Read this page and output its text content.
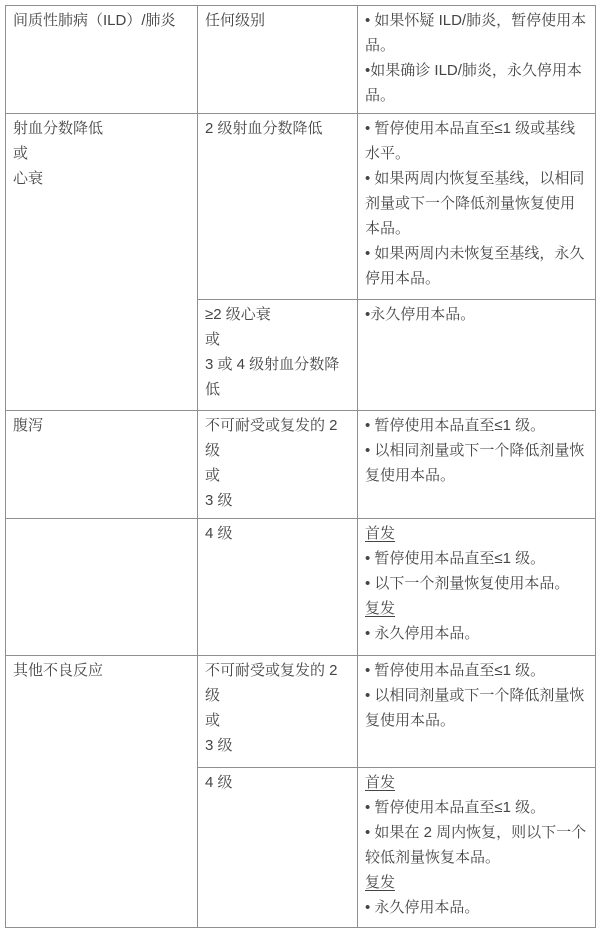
间质性肺病（ILD）/肺炎	任何级别	• 如果怀疑 ILD/肺炎，暂停使用本品。
•如果确诊 ILD/肺炎，永久停用本品。

射血分数降低
或
心衰	2 级射血分数降低	• 暂停使用本品直至≤1 级或基线水平。
• 如果两周内恢复至基线，以相同剂量或下一个降低剂量恢复使用本品。
• 如果两周内未恢复至基线，永久停用本品。

	≥2 级心衰
或
3 或 4 级射血分数降低	•永久停用本品。

腹泻	不可耐受或复发的 2 级
或
3 级	• 暂停使用本品直至≤1 级。
• 以相同剂量或下一个降低剂量恢复使用本品。

	4 级	首发
• 暂停使用本品直至≤1 级。
• 以下一个剂量恢复使用本品。
复发
• 永久停用本品。

其他不良反应	不可耐受或复发的 2 级
或
3 级	• 暂停使用本品直至≤1 级。
• 以相同剂量或下一个降低剂量恢复使用本品。

	4 级	首发
• 暂停使用本品直至≤1 级。
• 如果在 2 周内恢复，则以下一个较低剂量恢复本品。
复发
• 永久停用本品。
